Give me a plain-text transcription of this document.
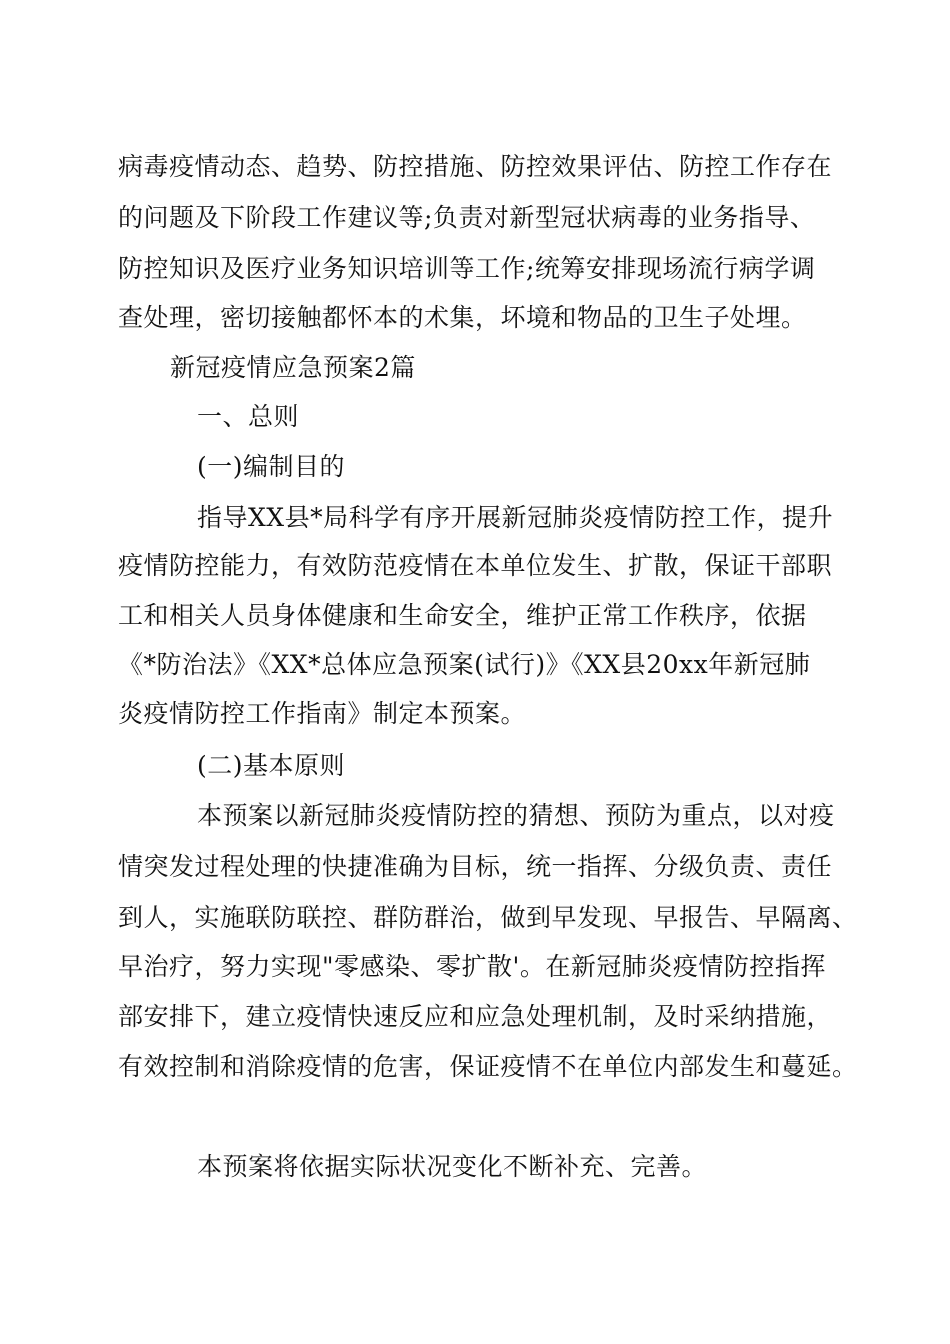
病毒疫情动态、趋势、防控措施、防控效果评估、防控工作存在
的问题及下阶段工作建议等;负责对新型冠状病毒的业务指导、
防控知识及医疗业务知识培训等工作;统筹安排现场流行病学调
查处理，密切接触都怀本的术集，坏境和物品的卫生子处埋。
新冠疫情应急预案2篇
一、总则
(一)编制目的
指导XX县*局科学有序开展新冠肺炎疫情防控工作，提升
疫情防控能力，有效防范疫情在本单位发生、扩散，保证干部职
工和相关人员身体健康和生命安全，维护正常工作秩序，依据
《*防治法》《XX*总体应急预案(试行)》《XX县20xx年新冠肺
炎疫情防控工作指南》制定本预案。
(二)基本原则
本预案以新冠肺炎疫情防控的猜想、预防为重点，以对疫
情突发过程处理的快捷准确为目标，统一指挥、分级负责、责任
到人，实施联防联控、群防群治，做到早发现、早报告、早隔离、
早治疗，努力实现"零感染、零扩散'。在新冠肺炎疫情防控指挥
部安排下，建立疫情快速反应和应急处理机制，及时采纳措施，
有效控制和消除疫情的危害，保证疫情不在单位内部发生和蔓延。
本预案将依据实际状况变化不断补充、完善。
